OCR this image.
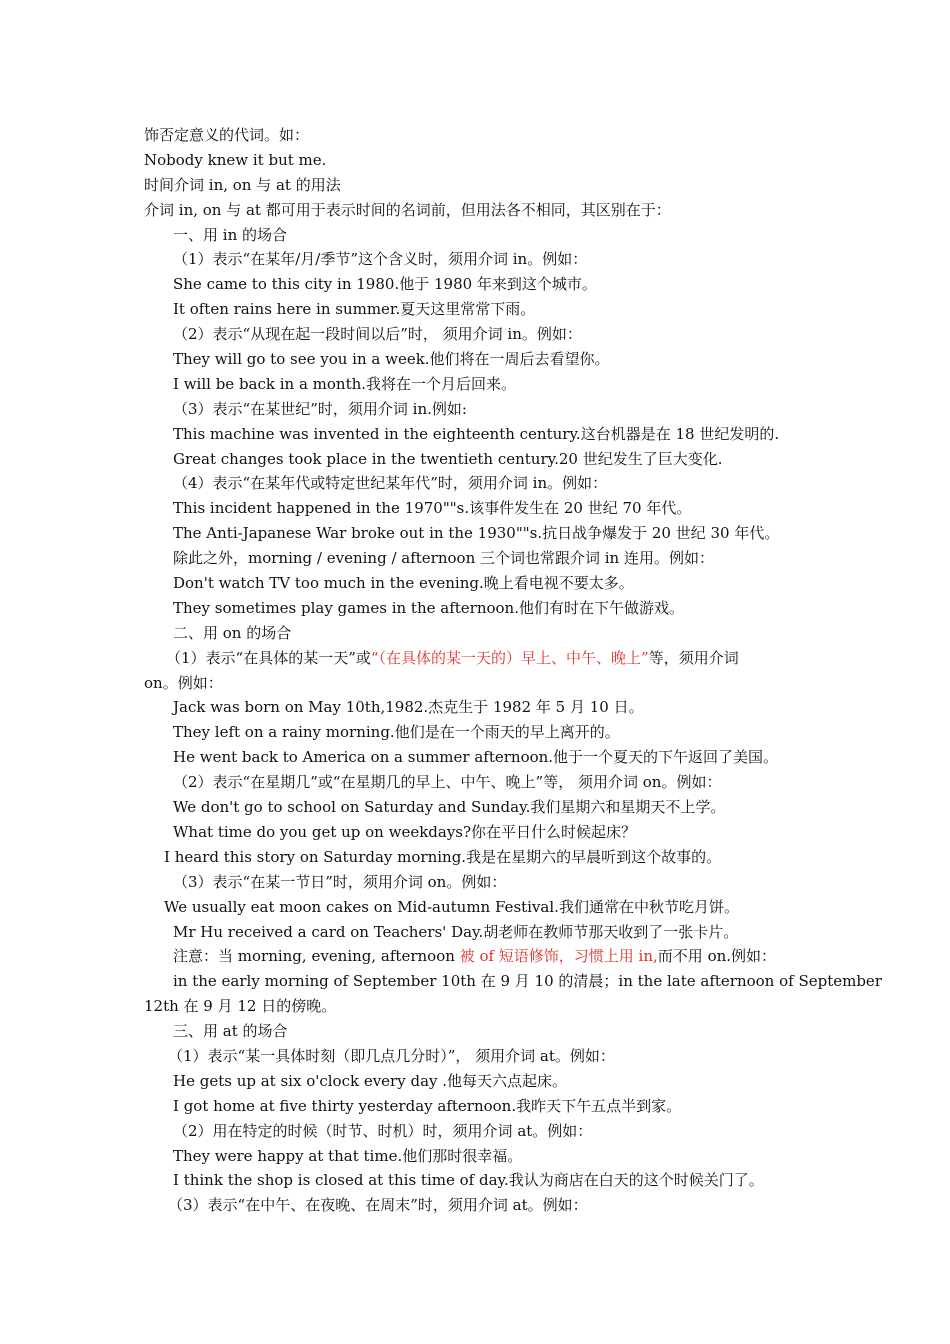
饰否定意义的代词。如：
Nobody knew it but me.
时间介词 in, on 与 at 的用法
介词 in, on 与 at 都可用于表示时间的名词前，但用法各不相同，其区别在于：
一、用 in 的场合
（1）表示“在某年/月/季节”这个含义时，须用介词 in。例如：
She came to this city in 1980.他于 1980 年来到这个城市。
It often rains here in summer.夏天这里常常下雨。
（2）表示“从现在起一段时间以后”时， 须用介词 in。例如：
They will go to see you in a week.他们将在一周后去看望你。
I will be back in a month.我将在一个月后回来。
（3）表示“在某世纪”时，须用介词 in.例如:
This machine was invented in the eighteenth century.这台机器是在 18 世纪发明的.
Great changes took place in the twentieth century.20 世纪发生了巨大变化.
（4）表示“在某年代或特定世纪某年代”时，须用介词 in。例如：
This incident happened in the 1970""s.该事件发生在 20 世纪 70 年代。
The Anti-Japanese War broke out in the 1930""s.抗日战争爆发于 20 世纪 30 年代。
除此之外，morning / evening / afternoon 三个词也常跟介词 in 连用。例如：
Don't watch TV too much in the evening.晚上看电视不要太多。
They sometimes play games in the afternoon.他们有时在下午做游戏。
二、用 on 的场合
（1）表示“在具体的某一天”或“（在具体的某一天的）早上、中午、晚上”等，须用介词
on。例如：
Jack was born on May 10th,1982.杰克生于 1982 年 5 月 10 日。
They left on a rainy morning.他们是在一个雨天的早上离开的。
He went back to America on a summer afternoon.他于一个夏天的下午返回了美国。
（2）表示“在星期几”或“在星期几的早上、中午、晚上”等， 须用介词 on。例如：
We don't go to school on Saturday and Sunday.我们星期六和星期天不上学。
What time do you get up on weekdays?你在平日什么时候起床？
I heard this story on Saturday morning.我是在星期六的早晨听到这个故事的。
（3）表示“在某一节日”时，须用介词 on。例如：
We usually eat moon cakes on Mid-autumn Festival.我们通常在中秋节吃月饼。
Mr Hu received a card on Teachers' Day.胡老师在教师节那天收到了一张卡片。
注意：当 morning, evening, afternoon 被 of 短语修饰，习惯上用 in,而不用 on.例如：
in the early morning of September 10th 在 9 月 10 的清晨；in the late afternoon of September
12th 在 9 月 12 日的傍晚。
三、用 at 的场合
（1）表示“某一具体时刻（即几点几分时）”， 须用介词 at。例如：
He gets up at six o'clock every day .他每天六点起床。
I got home at five thirty yesterday afternoon.我昨天下午五点半到家。
（2）用在特定的时候（时节、时机）时，须用介词 at。例如：
They were happy at that time.他们那时很幸福。
I think the shop is closed at this time of day.我认为商店在白天的这个时候关门了。
（3）表示“在中午、在夜晚、在周末”时，须用介词 at。例如：
